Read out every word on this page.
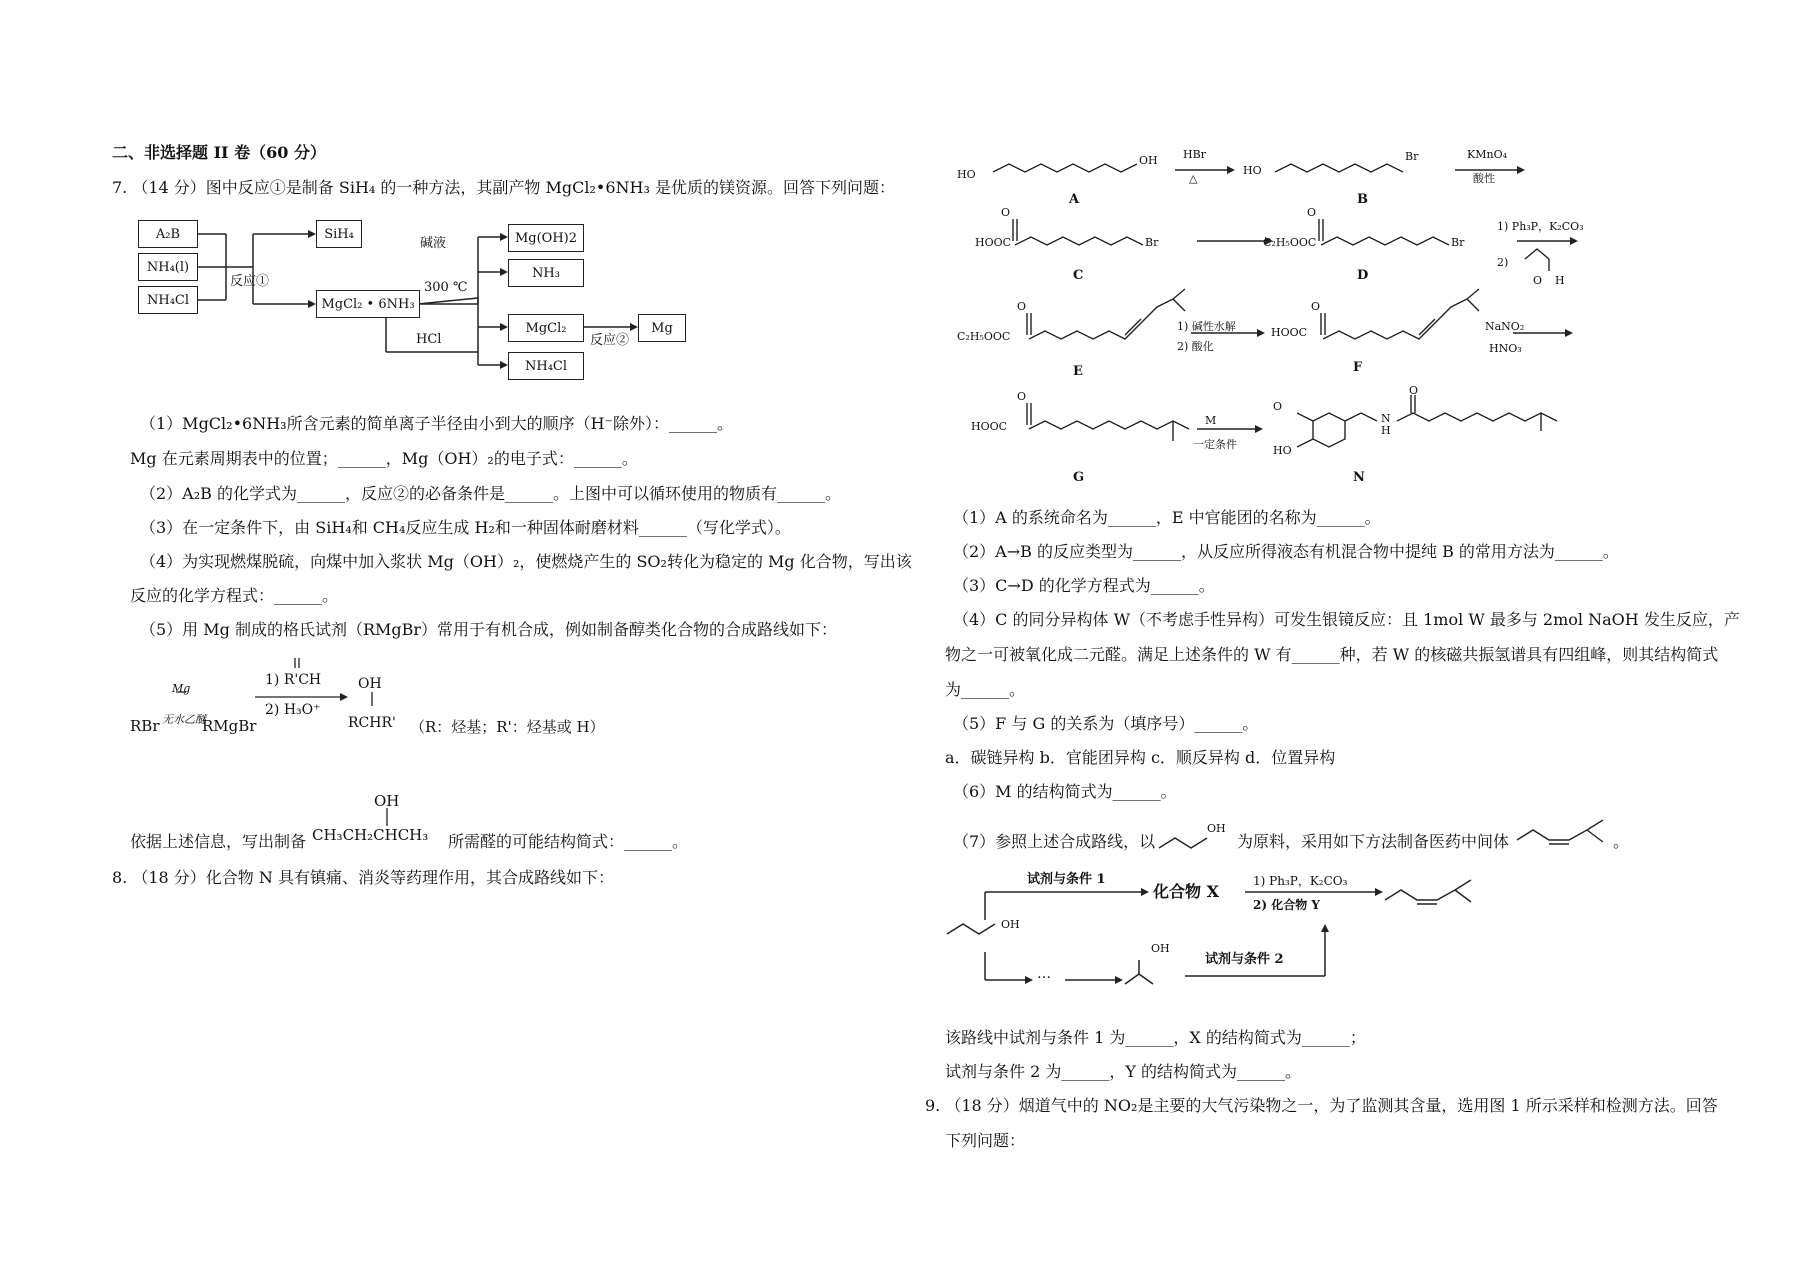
二、非选择题 II 卷（60 分）
7. （14 分）图中反应①是制备 SiH₄ 的一种方法，其副产物 MgCl₂•6NH₃ 是优质的镁资源。回答下列问题：
A₂B
NH₄(l)
NH₄Cl
反应①
SiH₄
MgCl₂ • 6NH₃
碱液
300 ℃
HCl
Mg(OH)2
NH₃
MgCl₂
NH₄Cl
反应②
Mg
（1）MgCl₂•6NH₃所含元素的简单离子半径由小到大的顺序（H⁻除外）：______。
Mg 在元素周期表中的位置；______，Mg（OH）₂的电子式：______。
（2）A₂B 的化学式为______，反应②的必备条件是______。上图中可以循环使用的物质有______。
（3）在一定条件下，由 SiH₄和 CH₄反应生成 H₂和一种固体耐磨材料______（写化学式）。
（4）为实现燃煤脱硫，向煤中加入浆状 Mg（OH）₂，使燃烧产生的 SO₂转化为稳定的 Mg 化合物，写出该
反应的化学方程式：______。
（5）用 Mg 制成的格氏试剂（RMgBr）常用于有机合成，例如制备醇类化合物的合成路线如下：
RBr
Mg
无水乙醚
RMgBr
1) R'CH
2) H₃O⁺
OH
RCHR' （R：烃基；R'：烃基或 H）
依据上述信息，写出制备
OH
CH₃CH₂CHCH₃ 所需醛的可能结构简式：______。
8. （18 分）化合物 N 具有镇痛、消炎等药理作用，其合成路线如下：
HO
OH HBr
△
HO
Br	KMnO₄
酸性
A	B
O
HOOC	Br
O
C₂H₅OOC	Br
1) Ph₃P，K₂CO₃
2)
O H
C	D
O
C₂H₅OOC
1) 碱性水解
2) 酸化
O
HOOC	NaNO₂
HNO₃
E	F
O
HOOC	M
一定条件
O
HO
N
H
O
G	N
（1）A 的系统命名为______，E 中官能团的名称为______。
（2）A→B 的反应类型为______，从反应所得液态有机混合物中提纯 B 的常用方法为______。
（3）C→D 的化学方程式为______。
（4）C 的同分异构体 W（不考虑手性异构）可发生银镜反应：且 1mol W 最多与 2mol NaOH 发生反应，产
物之一可被氧化成二元醛。满足上述条件的 W 有______种，若 W 的核磁共振氢谱具有四组峰，则其结构简式
为______。
（5）F 与 G 的关系为（填序号）______。
a．碳链异构 b．官能团异构 c．顺反异构 d．位置异构
（6）M 的结构简式为______。
（7）参照上述合成路线，以
OH
为原料，采用如下方法制备医药中间体	。
试剂与条件 1
化合物 X
1) Ph₃P，K₂CO₃
2) 化合物 Y
OH
…
OH
试剂与条件 2
该路线中试剂与条件 1 为______，X 的结构简式为______；
试剂与条件 2 为______，Y 的结构简式为______。
9. （18 分）烟道气中的 NO₂是主要的大气污染物之一，为了监测其含量，选用图 1 所示采样和检测方法。回答
下列问题：
